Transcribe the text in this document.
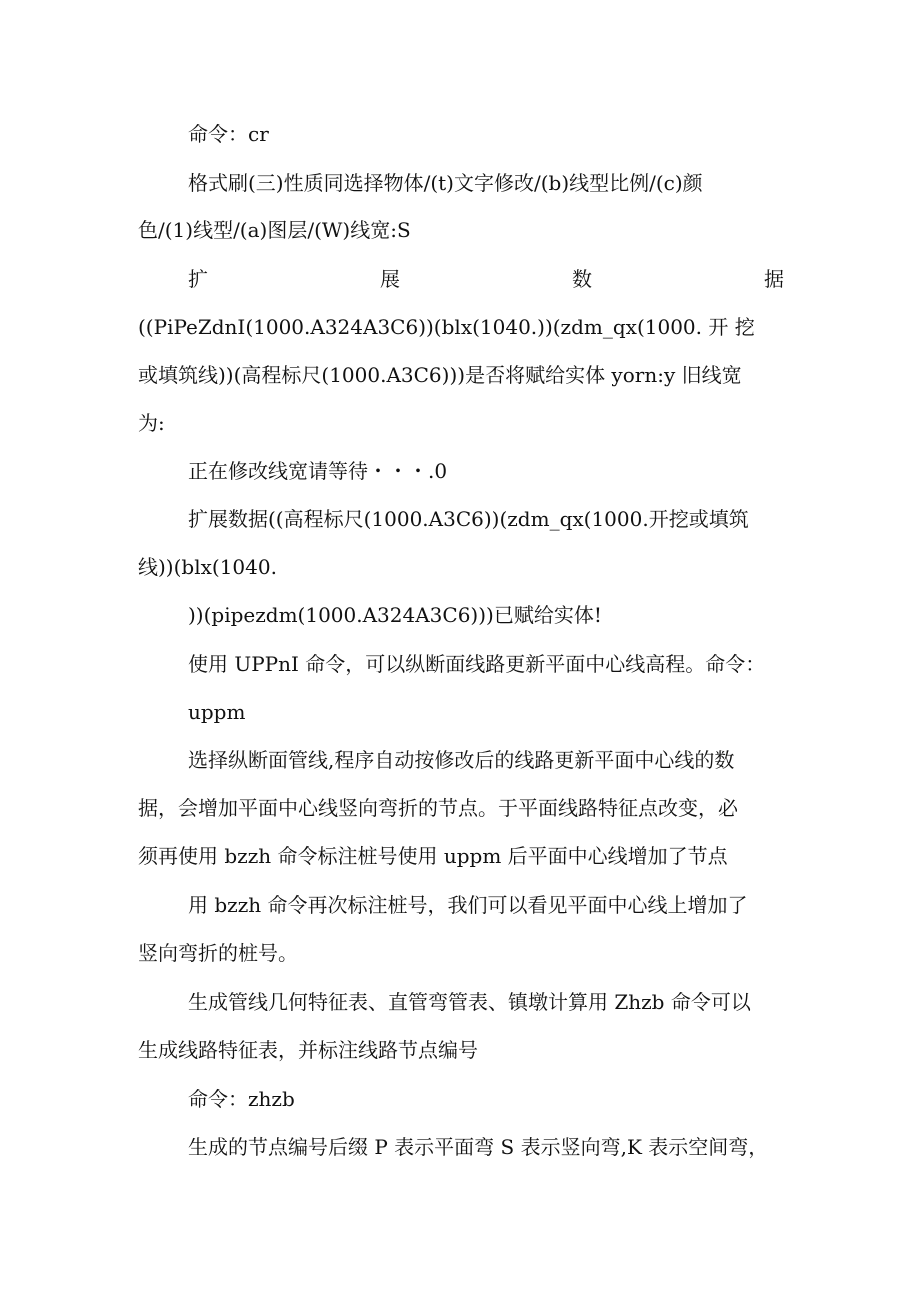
命令：cr
格式刷(三)性质同选择物体/(t)文字修改/(b)线型比例/(c)颜
色/(1)线型/(a)图层/(W)线宽:S
扩	展	数	据
((PiPeZdnI(1000.A324A3C6))(blx(1040.))(zdm_qx(1000. 开 挖
或填筑线))(高程标尺(1000.A3C6)))是否将赋给实体 yorn:y 旧线宽
为:
正在修改线宽请等待・・・.0
扩展数据((高程标尺(1000.A3C6))(zdm_qx(1000.开挖或填筑
线))(blx(1040.
))(pipezdm(1000.A324A3C6)))已赋给实体!
使用 UPPnI 命令，可以纵断面线路更新平面中心线高程。命令：
uppm
选择纵断面管线,程序自动按修改后的线路更新平面中心线的数
据，会增加平面中心线竖向弯折的节点。于平面线路特征点改变，必
须再使用 bzzh 命令标注桩号使用 uppm 后平面中心线增加了节点
用 bzzh 命令再次标注桩号，我们可以看见平面中心线上增加了
竖向弯折的桩号。
生成管线几何特征表、直管弯管表、镇墩计算用 Zhzb 命令可以
生成线路特征表，并标注线路节点编号
命令：zhzb
生成的节点编号后缀 P 表示平面弯 S 表示竖向弯,K 表示空间弯，
